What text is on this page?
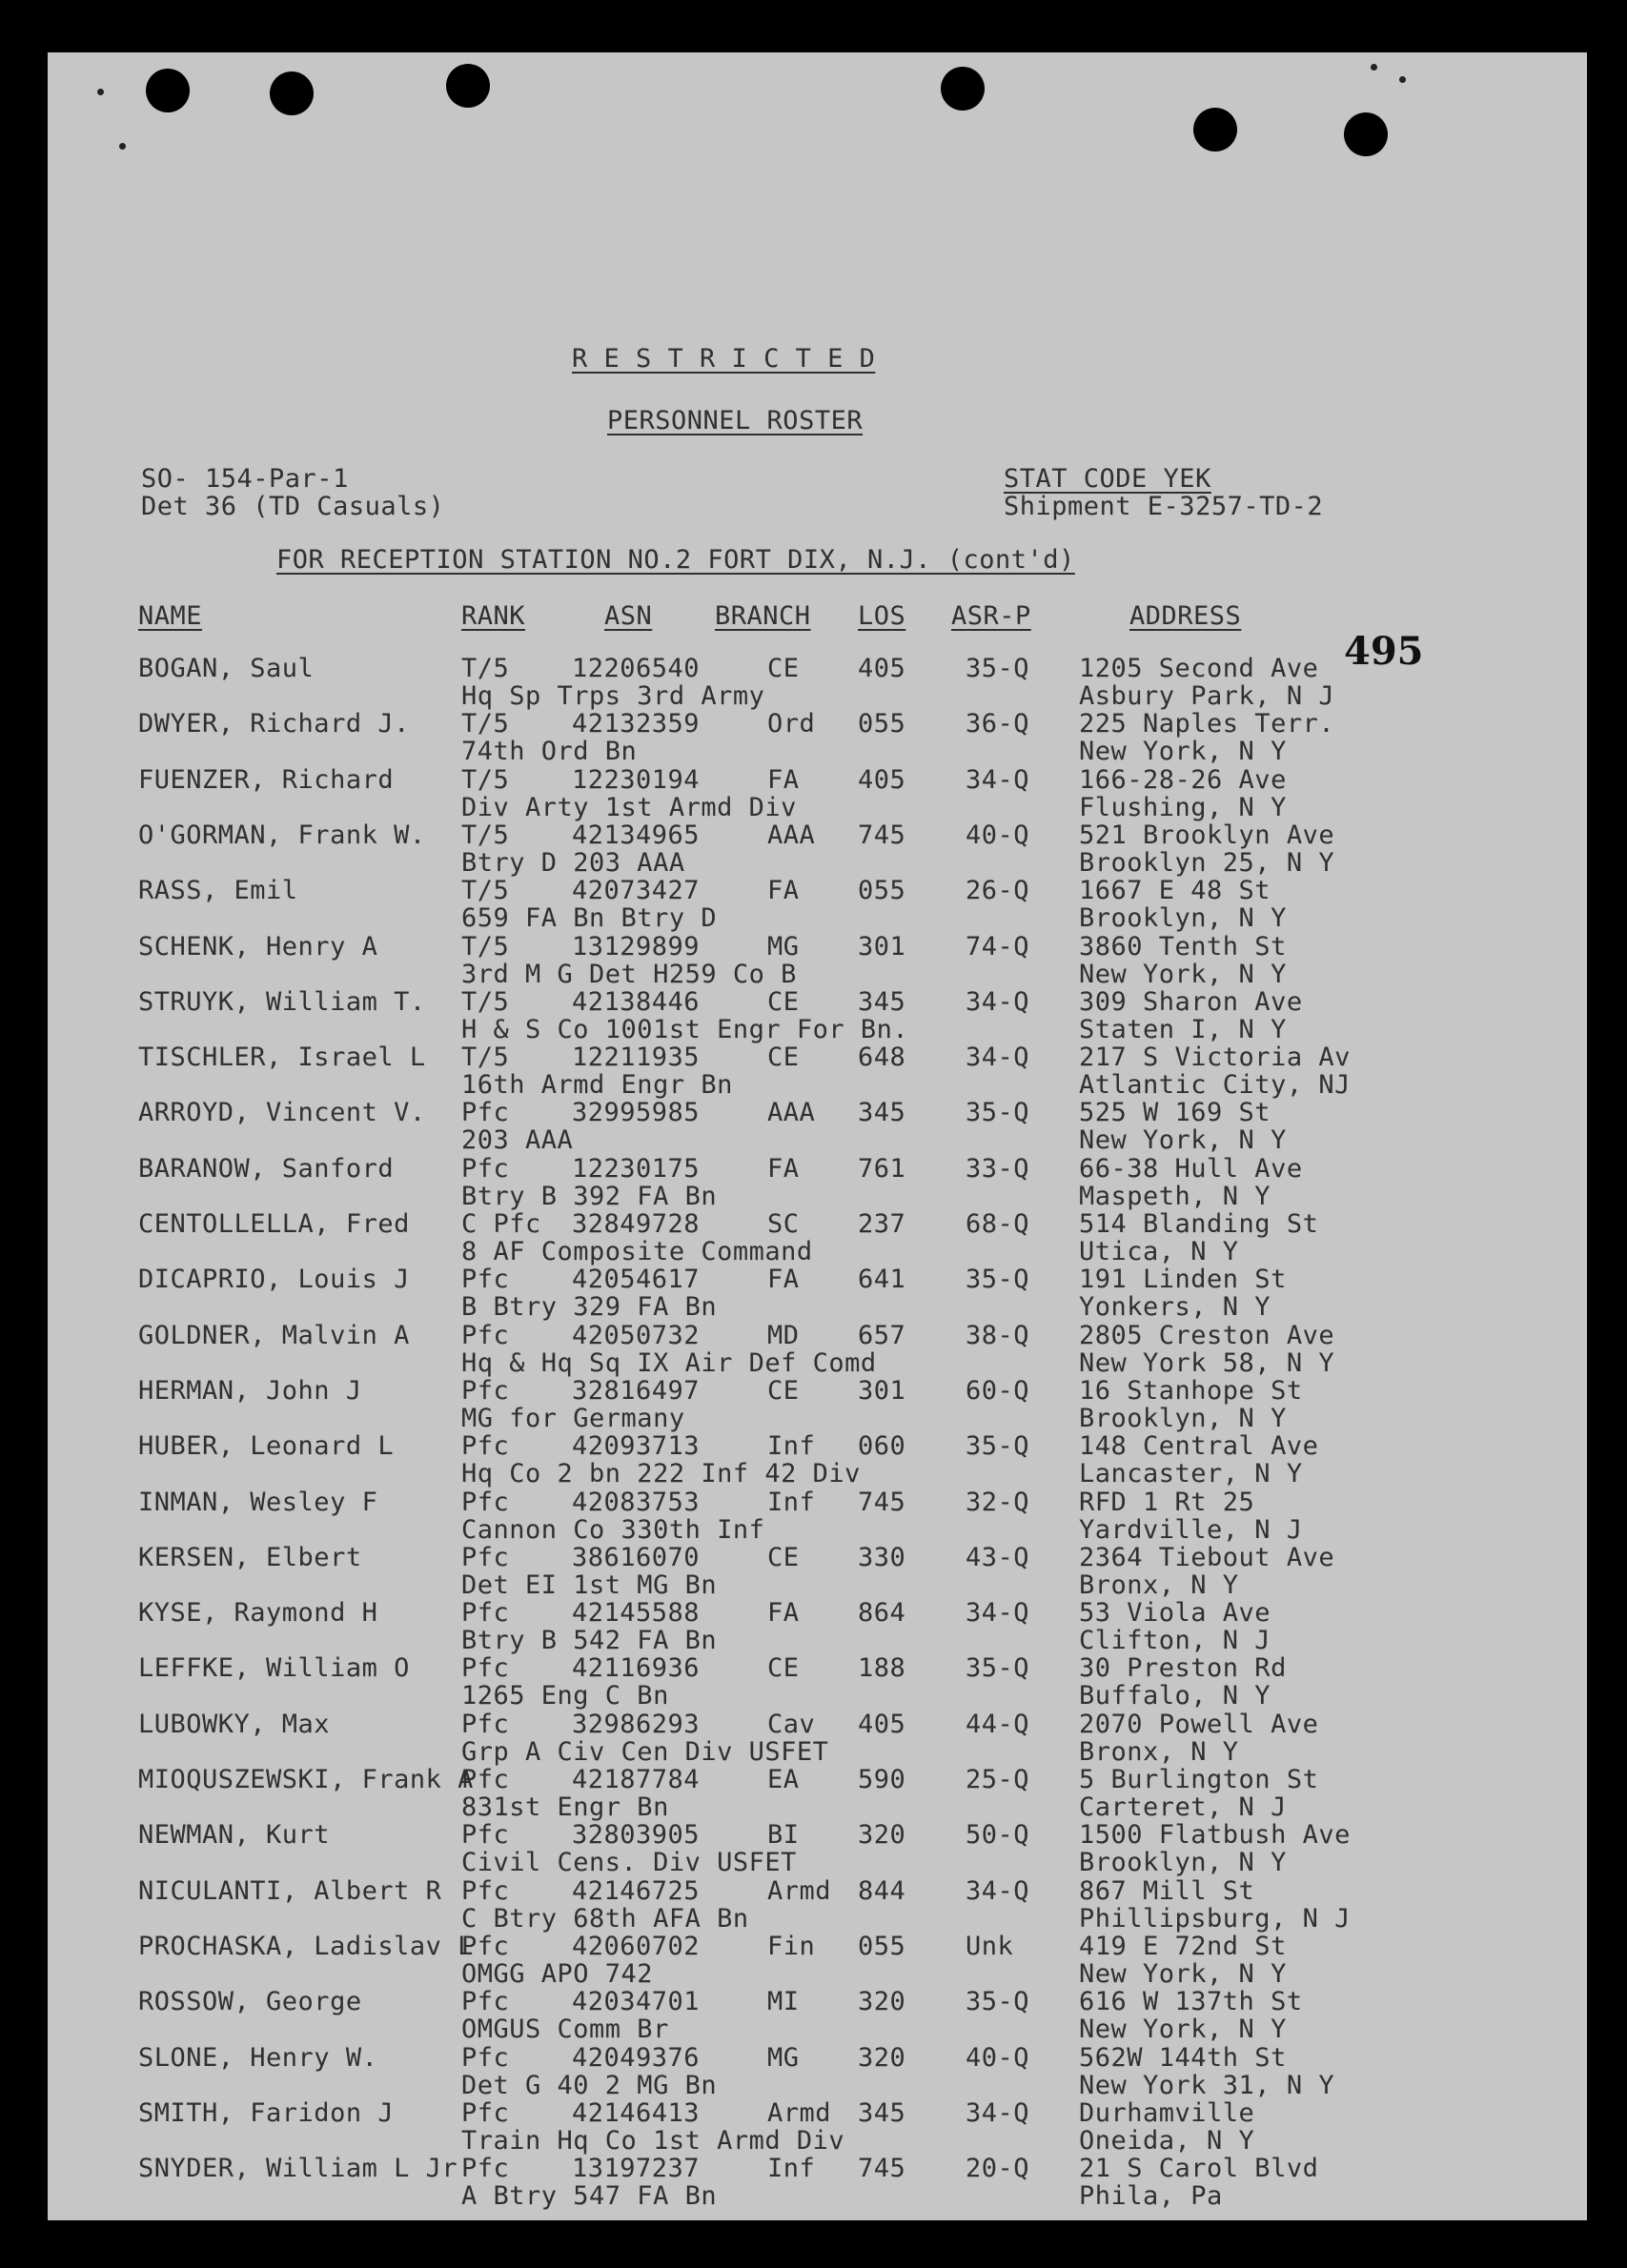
R E S T R I C T E D
PERSONNEL ROSTER
SO- 154-Par-1
Det 36 (TD Casuals)
STAT CODE YEK
Shipment E-3257-TD-2
FOR RECEPTION STATION NO.2 FORT DIX, N.J. (cont'd)
NAME	RANK	ASN BRANCH LOS ASR-P	ADDRESS
495
BOGAN, Saul	T/5 12206540	CE 405 35-Q 1205 Second Ave
Hq Sp Trps 3rd Army	Asbury Park, N J
DWYER, Richard J. T/5 42132359	Ord 055 36-Q 225 Naples Terr.
74th Ord Bn	New York, N Y
FUENZER, Richard	T/5 12230194	FA 405 34-Q 166-28-26 Ave
Div Arty 1st Armd Div	Flushing, N Y
O'GORMAN, Frank W. T/5 42134965	AAA 745 40-Q 521 Brooklyn Ave
Btry D 203 AAA	Brooklyn 25, N Y
RASS, Emil	T/5 42073427	FA 055 26-Q 1667 E 48 St
659 FA Bn Btry D	Brooklyn, N Y
SCHENK, Henry A	T/5 13129899	MG 301 74-Q 3860 Tenth St
3rd M G Det H259 Co B	New York, N Y
STRUYK, William T. T/5 42138446	CE 345 34-Q 309 Sharon Ave
H & S Co 1001st Engr For Bn.	Staten I, N Y
TISCHLER, Israel L T/5 12211935	CE 648 34-Q 217 S Victoria Av
16th Armd Engr Bn	Atlantic City, NJ
ARROYD, Vincent V. Pfc 32995985	AAA 345 35-Q 525 W 169 St
203 AAA	New York, N Y
BARANOW, Sanford	Pfc 12230175	FA 761 33-Q 66-38 Hull Ave
Btry B 392 FA Bn	Maspeth, N Y
CENTOLLELLA, Fred C Pfc 32849728	SC 237 68-Q 514 Blanding St
8 AF Composite Command	Utica, N Y
DICAPRIO, Louis J Pfc 42054617	FA 641 35-Q 191 Linden St
B Btry 329 FA Bn	Yonkers, N Y
GOLDNER, Malvin A Pfc 42050732	MD 657 38-Q 2805 Creston Ave
Hq & Hq Sq IX Air Def Comd	New York 58, N Y
HERMAN, John J	Pfc 32816497	CE 301 60-Q 16 Stanhope St
MG for Germany	Brooklyn, N Y
HUBER, Leonard L	Pfc 42093713	Inf 060 35-Q 148 Central Ave
Hq Co 2 bn 222 Inf 42 Div	Lancaster, N Y
INMAN, Wesley F	Pfc 42083753	Inf 745 32-Q RFD 1 Rt 25
Cannon Co 330th Inf	Yardville, N J
KERSEN, Elbert	Pfc 38616070	CE 330 43-Q 2364 Tiebout Ave
Det EI 1st MG Bn	Bronx, N Y
KYSE, Raymond H	Pfc 42145588	FA 864 34-Q 53 Viola Ave
Btry B 542 FA Bn	Clifton, N J
LEFFKE, William O Pfc 42116936	CE 188 35-Q 30 Preston Rd
1265 Eng C Bn	Buffalo, N Y
LUBOWKY, Max	Pfc 32986293	Cav 405 44-Q 2070 Powell Ave
Grp A Civ Cen Div USFET	Bronx, N Y
MIOQUSZEWSKI, Frank A
Pfc 42187784	EA 590 25-Q 5 Burlington St
831st Engr Bn	Carteret, N J
NEWMAN, Kurt	Pfc 32803905	BI 320 50-Q 1500 Flatbush Ave
Civil Cens. Div USFET	Brooklyn, N Y
NICULANTI, Albert R Pfc 42146725	Armd 844 34-Q 867 Mill St
C Btry 68th AFA Bn	Phillipsburg, N J
PROCHASKA, Ladislav L
Pfc 42060702	Fin 055 Unk	419 E 72nd St
OMGG APO 742	New York, N Y
ROSSOW, George	Pfc 42034701	MI 320 35-Q 616 W 137th St
OMGUS Comm Br	New York, N Y
SLONE, Henry W.	Pfc 42049376	MG 320 40-Q 562W 144th St
Det G 40 2 MG Bn	New York 31, N Y
SMITH, Faridon J	Pfc 42146413	Armd 345 34-Q Durhamville
Train Hq Co 1st Armd Div	Oneida, N Y
SNYDER, William L Jr Pfc 13197237	Inf 745 20-Q 21 S Carol Blvd
A Btry 547 FA Bn	Phila, Pa
